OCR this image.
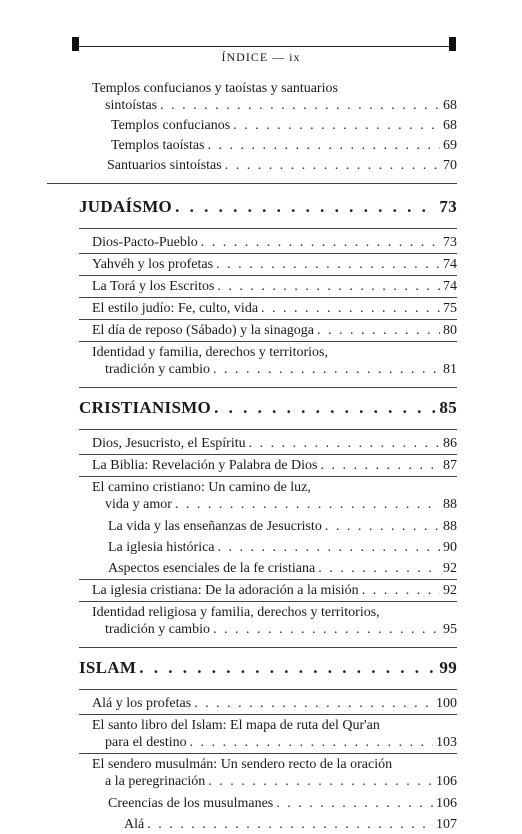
ÍNDICE — ix
Templos confucianos y taoístas y santuarios
sintoístas . . .	68
Templos confucianos . . .	68
Templos taoístas . . .	69
Santuarios sintoístas . . .	70
JUDAÍSMO . . .	73
Dios-Pacto-Pueblo . . .	73
Yahvéh y los profetas . . .	74
La Torá y los Escritos . . .	74
El estilo judío: Fe, culto, vida . . .	75
El día de reposo (Sábado) y la sinagoga . . .	80
Identidad y familia, derechos y territorios,
tradición y cambio . . .	81
CRISTIANISMO . . .	85
Dios, Jesucristo, el Espíritu . . .	86
La Biblia: Revelación y Palabra de Dios . . .	87
El camino cristiano: Un camino de luz,
vida y amor . . .	88
La vida y las enseñanzas de Jesucristo . . .	88
La iglesia histórica . . .	90
Aspectos esenciales de la fe cristiana . . .	92
La iglesia cristiana: De la adoración a la misión . . .	92
Identidad religiosa y familia, derechos y territorios,
tradición y cambio . . .	95
ISLAM . . .	99
Alá y los profetas . . .	100
El santo libro del Islam: El mapa de ruta del Qur'an
para el destino . . .	103
El sendero musulmán: Un sendero recto de la oración
a la peregrinación . . .	106
Creencias de los musulmanes . . .	106
Alá . . .	107
